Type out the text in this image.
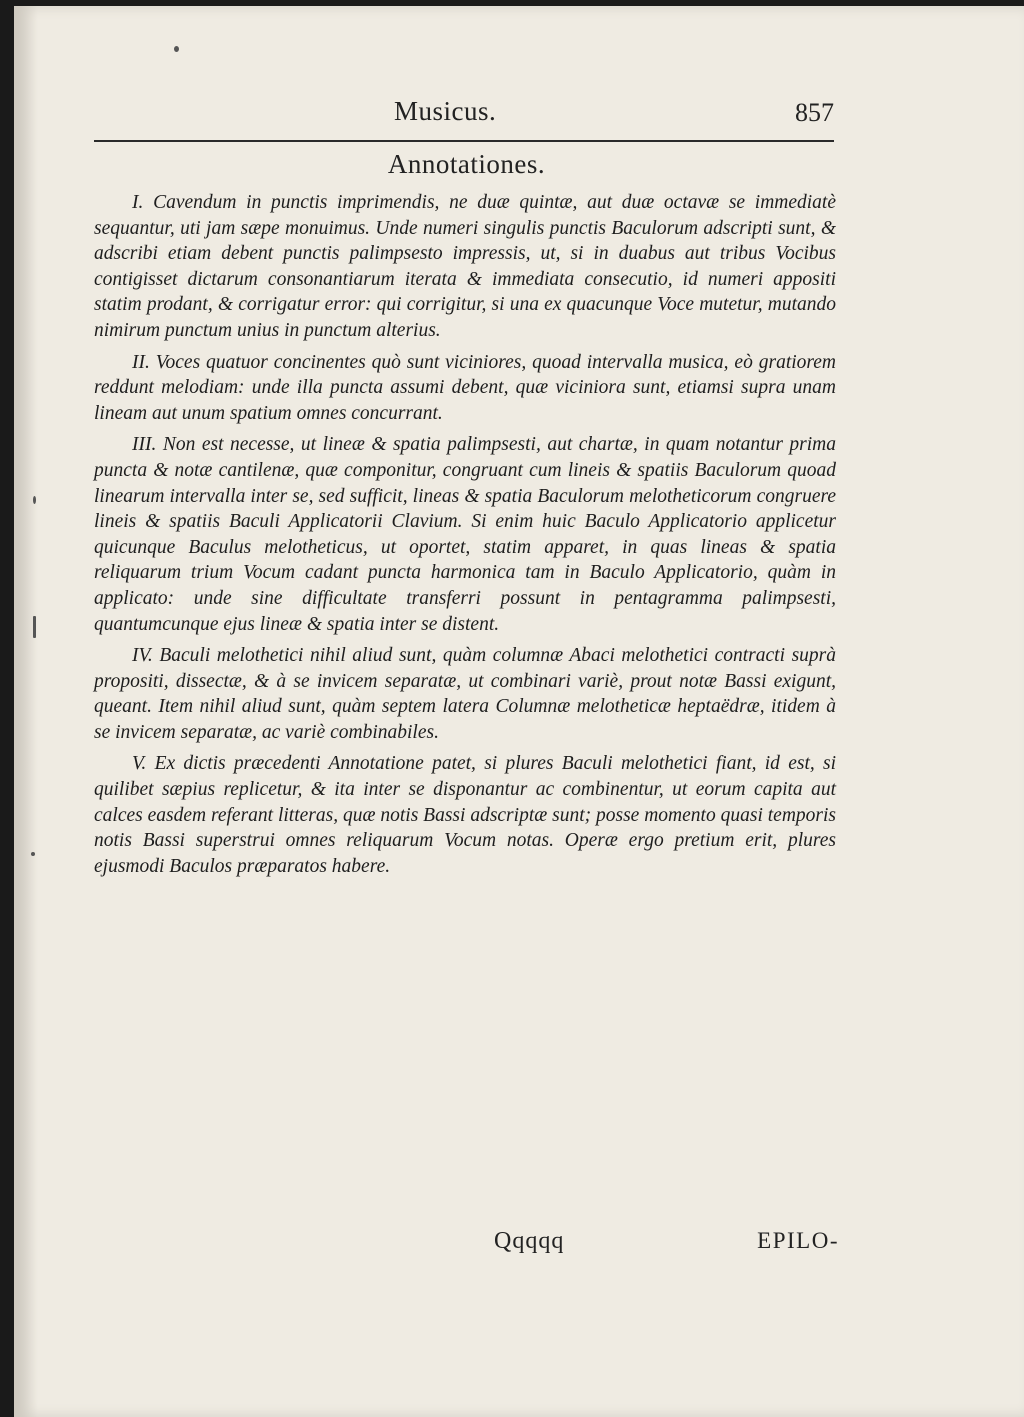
Musicus.	857
Annotationes.

I. Cavendum in punctis imprimendis, ne duæ quintæ, aut duæ octavæ se immediatè sequantur, uti jam sæpe monuimus. Unde numeri singulis punctis Baculorum adscripti sunt, & adscribi etiam debent punctis palimpsesto impressis, ut, si in duabus aut tribus Vocibus contigisset dictarum consonantiarum iterata & immediata consecutio, id numeri appositi statim prodant, & corrigatur error: qui corrigitur, si una ex quacunque Voce mutetur, mutando nimirum punctum unius in punctum alterius.

II. Voces quatuor concinentes quò sunt viciniores, quoad intervalla musica, eò gratiorem reddunt melodiam: unde illa puncta assumi debent, quæ viciniora sunt, etiamsi supra unam lineam aut unum spatium omnes concurrant.

III. Non est necesse, ut lineæ & spatia palimpsesti, aut chartæ, in quam notantur prima puncta & notæ cantilenæ, quæ componitur, congruant cum lineis & spatiis Baculorum quoad linearum intervalla inter se, sed sufficit, lineas & spatia Baculorum melotheticorum congruere lineis & spatiis Baculi Applicatorii Clavium. Si enim huic Baculo Applicatorio applicetur quicunque Baculus melotheticus, ut oportet, statim apparet, in quas lineas & spatia reliquarum trium Vocum cadant puncta harmonica tam in Baculo Applicatorio, quàm in applicato: unde sine difficultate transferri possunt in pentagramma palimpsesti, quantumcunque ejus lineæ & spatia inter se distent.

IV. Baculi melothetici nihil aliud sunt, quàm columnæ Abaci melothetici contracti suprà propositi, dissectæ, & à se invicem separatæ, ut combinari variè, prout notæ Bassi exigunt, queant. Item nihil aliud sunt, quàm septem latera Columnæ melotheticæ heptaëdræ, itidem à se invicem separatæ, ac variè combinabiles.

V. Ex dictis præcedenti Annotatione patet, si plures Baculi melothetici fiant, id est, si quilibet sæpius replicetur, & ita inter se disponantur ac combinentur, ut eorum capita aut calces easdem referant litteras, quæ notis Bassi adscriptæ sunt; posse momento quasi temporis notis Bassi superstrui omnes reliquarum Vocum notas. Operæ ergo pretium erit, plures ejusmodi Baculos præparatos habere.

Qqqqq	EPILO-
